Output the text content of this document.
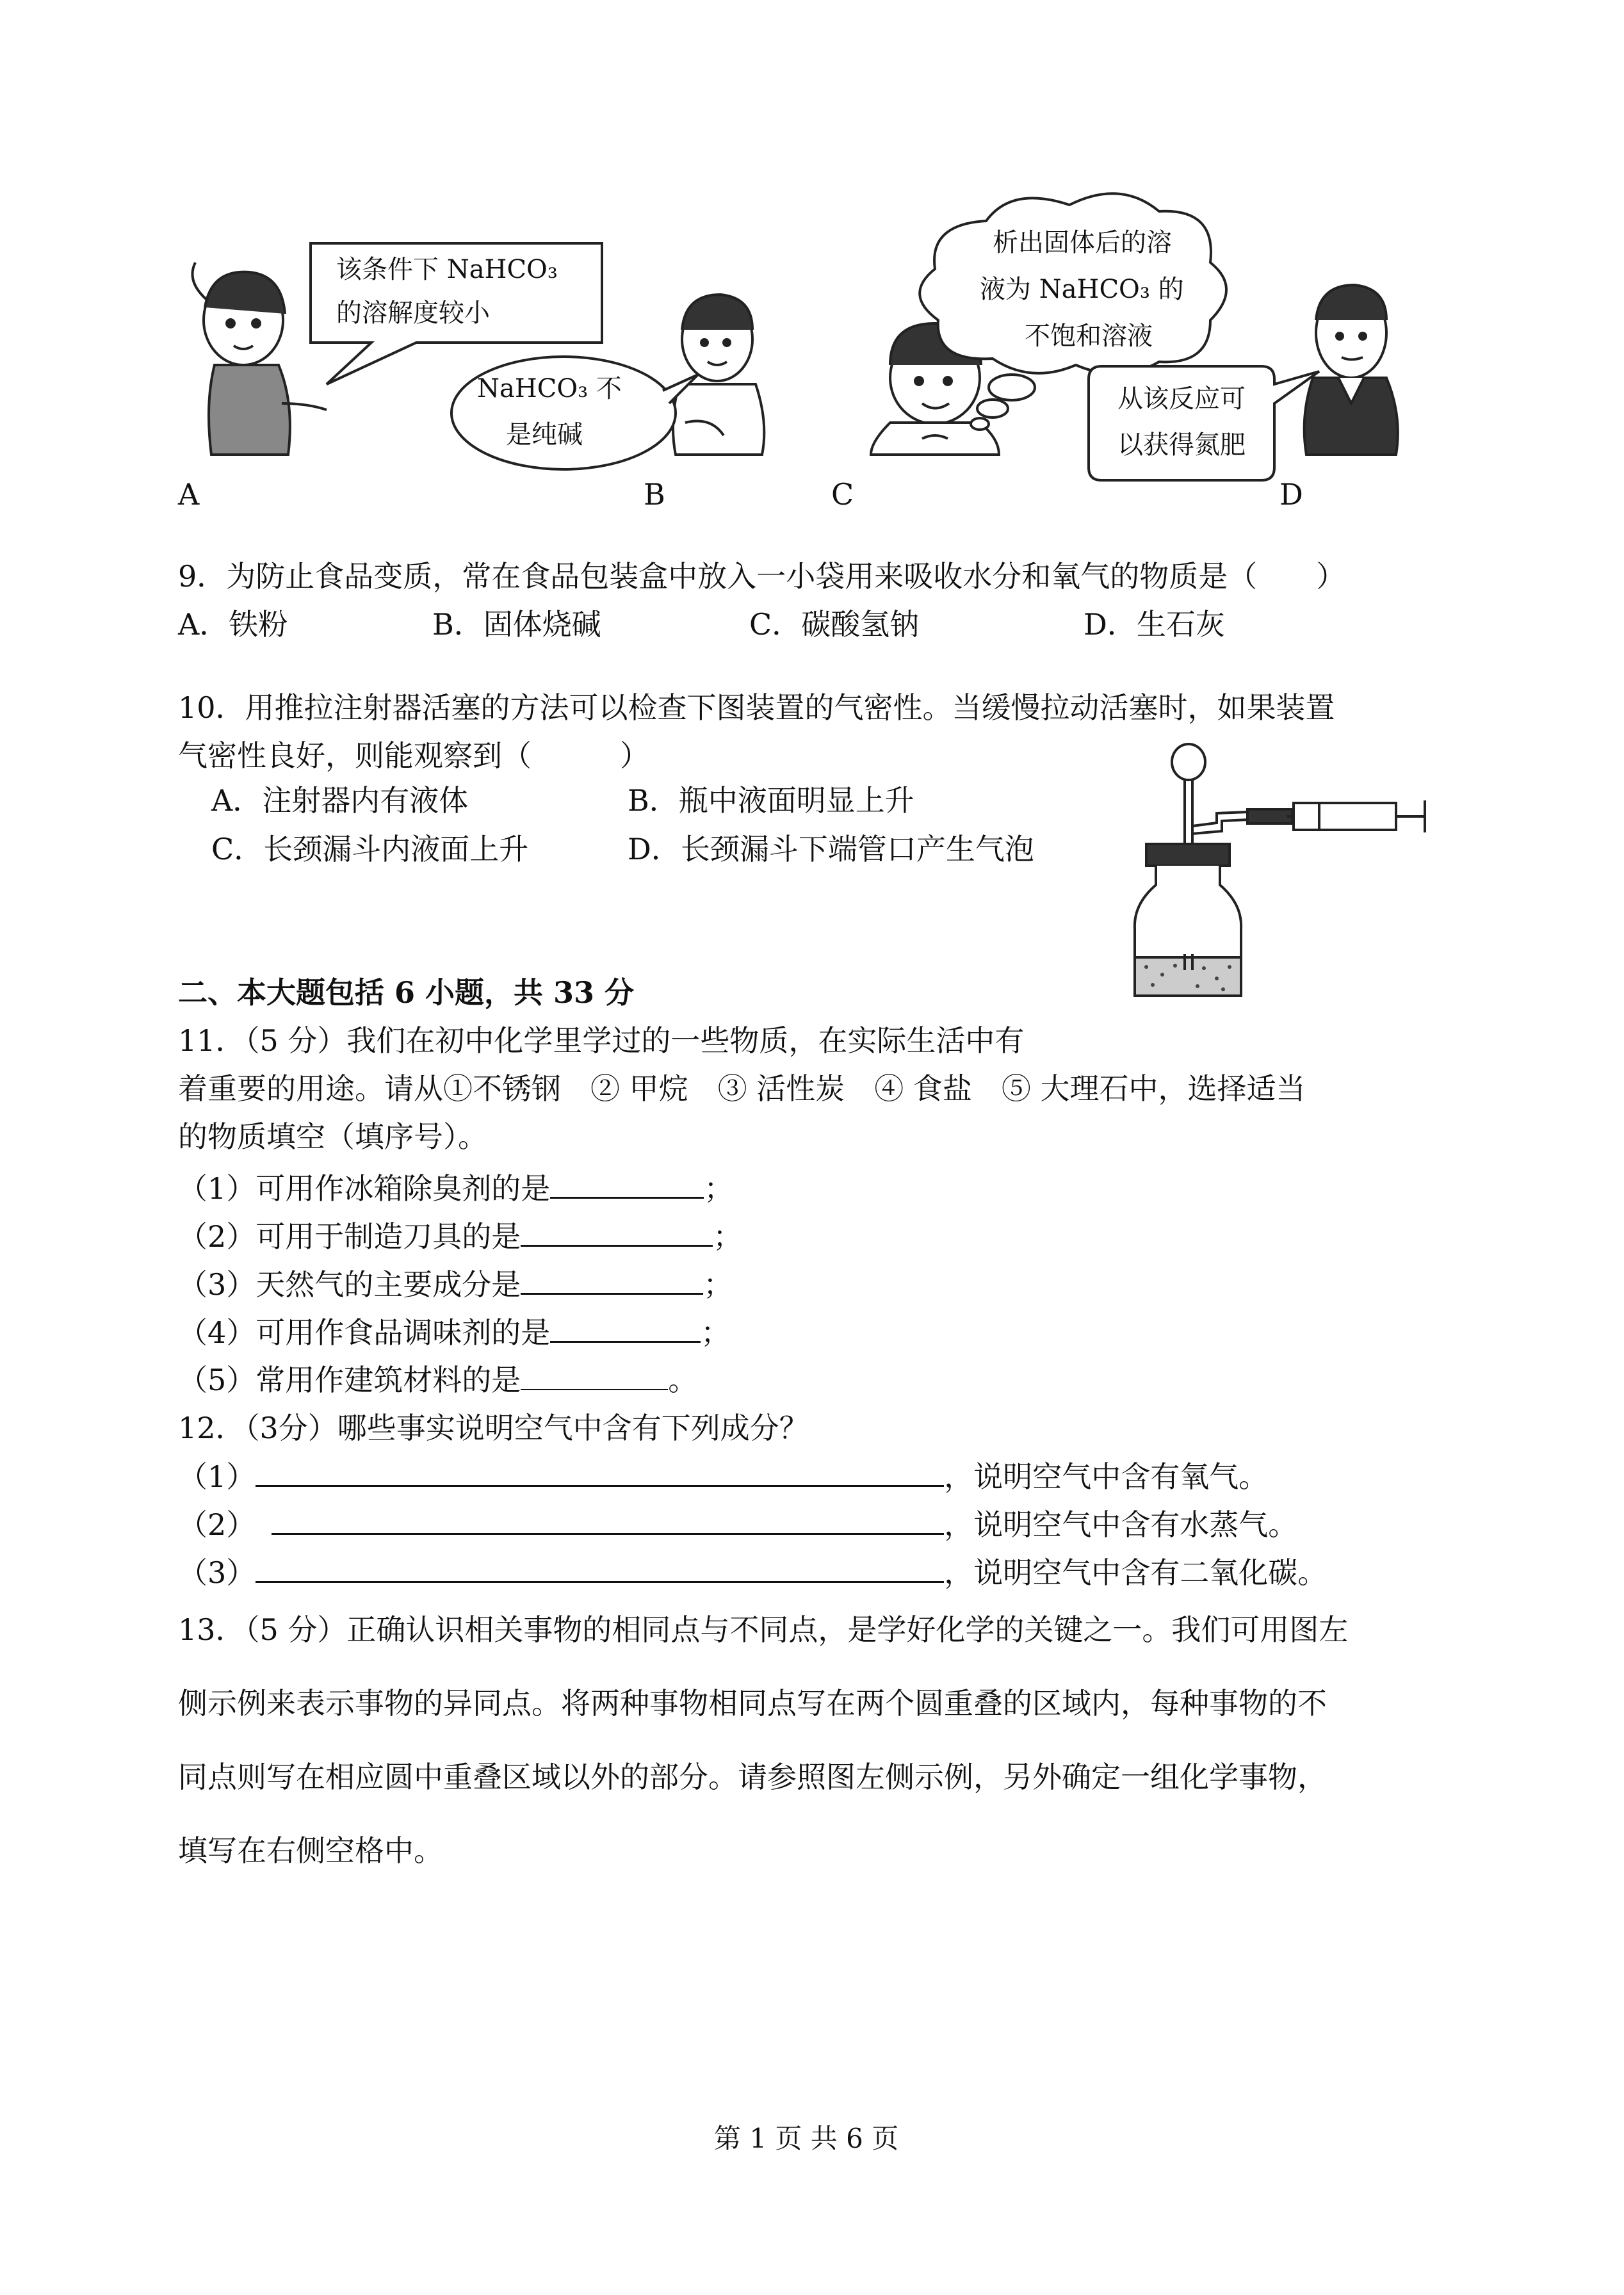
该条件下 NaHCO₃
的溶解度较小
NaHCO₃ 不
是纯碱
析出固体后的溶
液为 NaHCO₃ 的
不饱和溶液
从该反应可
以获得氮肥
A	B	C	D
9．为防止食品变质，常在食品包装盒中放入一小袋用来吸收水分和氧气的物质是（　　）
A．铁粉	B．固体烧碱	C．碳酸氢钠	D．生石灰
10．用推拉注射器活塞的方法可以检查下图装置的气密性。当缓慢拉动活塞时，如果装置
气密性良好，则能观察到（　　　）
A．注射器内有液体	B．瓶中液面明显上升
C．长颈漏斗内液面上升	D．长颈漏斗下端管口产生气泡
二、本大题包括 6 小题，共 33 分
11．（5 分）我们在初中化学里学过的一些物质，在实际生活中有
着重要的用途。请从①不锈钢　② 甲烷　③ 活性炭　④ 食盐　⑤ 大理石中，选择适当
的物质填空（填序号）。
（1）可用作冰箱除臭剂的是	；
（2）可用于制造刀具的是	；
（3）天然气的主要成分是	；
（4）可用作食品调味剂的是	；
（5）常用作建筑材料的是	。
12．（3分）哪些事实说明空气中含有下列成分？
（1）	，说明空气中含有氧气。
（2）	，说明空气中含有水蒸气。
（3）	，说明空气中含有二氧化碳。
13．（5 分）正确认识相关事物的相同点与不同点，是学好化学的关键之一。我们可用图左
侧示例来表示事物的异同点。将两种事物相同点写在两个圆重叠的区域内，每种事物的不
同点则写在相应圆中重叠区域以外的部分。请参照图左侧示例，另外确定一组化学事物，
填写在右侧空格中。
第 1 页 共 6 页
